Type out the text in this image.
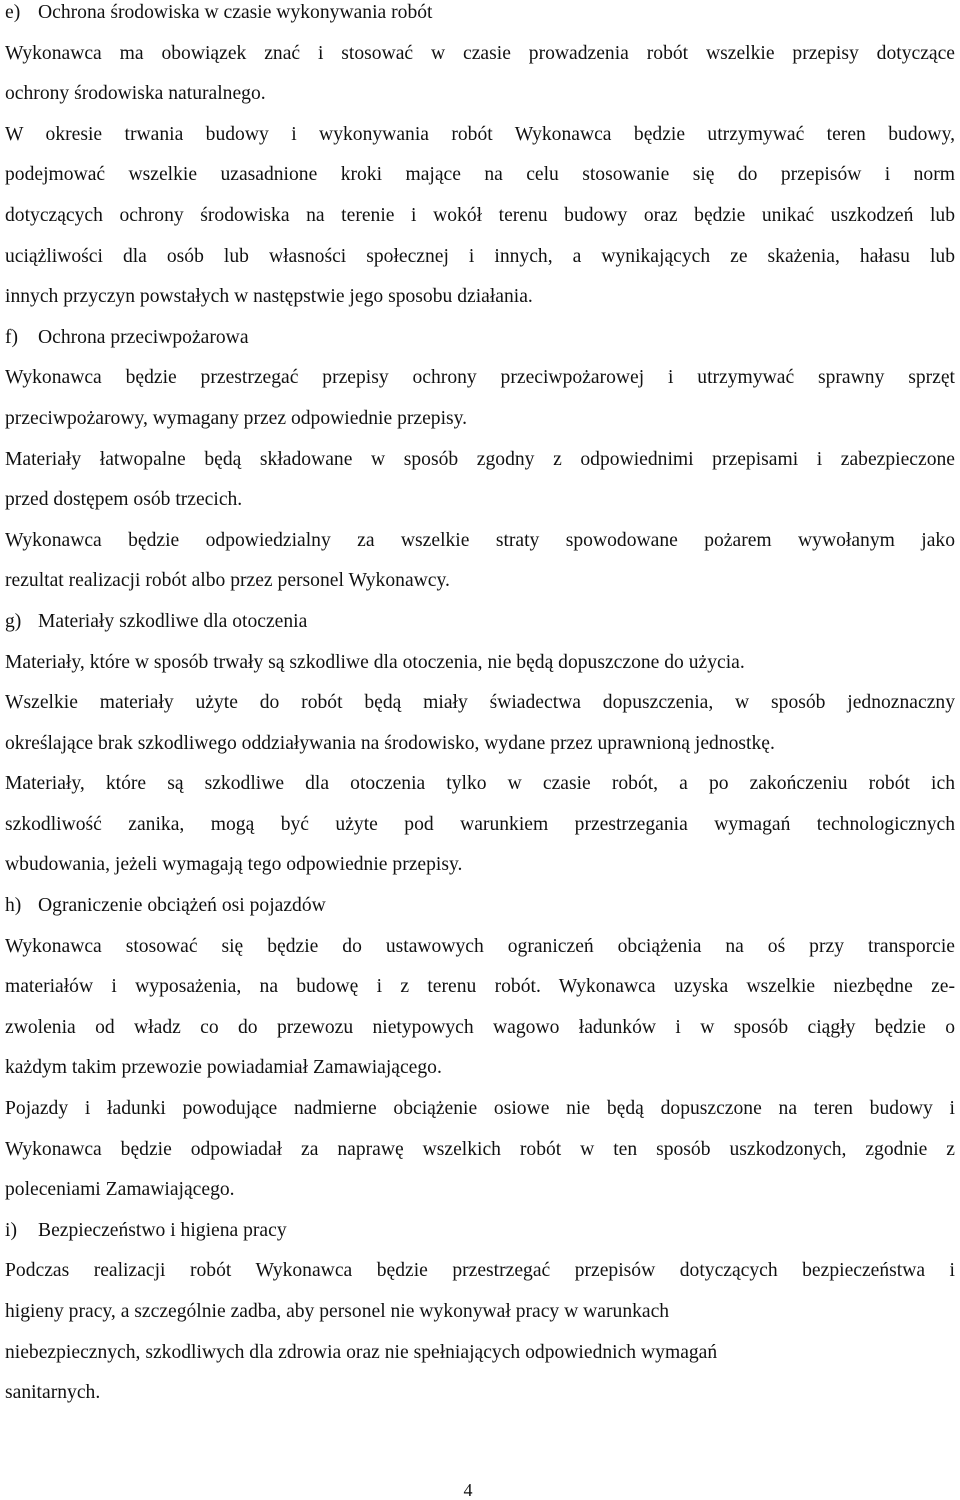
e) Ochrona środowiska w czasie wykonywania robót
Wykonawca ma obowiązek znać i stosować w czasie prowadzenia robót wszelkie przepisy dotyczące
ochrony środowiska naturalnego.
W okresie trwania budowy i wykonywania robót Wykonawca będzie utrzymywać teren budowy,
podejmować wszelkie uzasadnione kroki mające na celu stosowanie się do przepisów i norm
dotyczących ochrony środowiska na terenie i wokół terenu budowy oraz będzie unikać uszkodzeń lub
uciążliwości dla osób lub własności społecznej i innych, a wynikających ze skażenia, hałasu lub
innych przyczyn powstałych w następstwie jego sposobu działania.
f) Ochrona przeciwpożarowa
Wykonawca będzie przestrzegać przepisy ochrony przeciwpożarowej i utrzymywać sprawny sprzęt
przeciwpożarowy, wymagany przez odpowiednie przepisy.
Materiały łatwopalne będą składowane w sposób zgodny z odpowiednimi przepisami i zabezpieczone
przed dostępem osób trzecich.
Wykonawca będzie odpowiedzialny za wszelkie straty spowodowane pożarem wywołanym jako
rezultat realizacji robót albo przez personel Wykonawcy.
g) Materiały szkodliwe dla otoczenia
Materiały, które w sposób trwały są szkodliwe dla otoczenia, nie będą dopuszczone do użycia.
Wszelkie materiały użyte do robót będą miały świadectwa dopuszczenia, w sposób jednoznaczny
określające brak szkodliwego oddziaływania na środowisko, wydane przez uprawnioną jednostkę.
Materiały, które są szkodliwe dla otoczenia tylko w czasie robót, a po zakończeniu robót ich
szkodliwość zanika, mogą być użyte pod warunkiem przestrzegania wymagań technologicznych
wbudowania, jeżeli wymagają tego odpowiednie przepisy.
h) Ograniczenie obciążeń osi pojazdów
Wykonawca stosować się będzie do ustawowych ograniczeń obciążenia na oś przy transporcie
materiałów i wyposażenia, na budowę i z terenu robót. Wykonawca uzyska wszelkie niezbędne ze-
zwolenia od władz co do przewozu nietypowych wagowo ładunków i w sposób ciągły będzie o
każdym takim przewozie powiadamiał Zamawiającego.
Pojazdy i ładunki powodujące nadmierne obciążenie osiowe nie będą dopuszczone na teren budowy i
Wykonawca będzie odpowiadał za naprawę wszelkich robót w ten sposób uszkodzonych, zgodnie z
poleceniami Zamawiającego.
i) Bezpieczeństwo i higiena pracy
Podczas realizacji robót Wykonawca będzie przestrzegać przepisów dotyczących bezpieczeństwa i
higieny pracy, a szczególnie zadba, aby personel nie wykonywał pracy w warunkach
niebezpiecznych, szkodliwych dla zdrowia oraz nie spełniających odpowiednich wymagań
sanitarnych.
4
